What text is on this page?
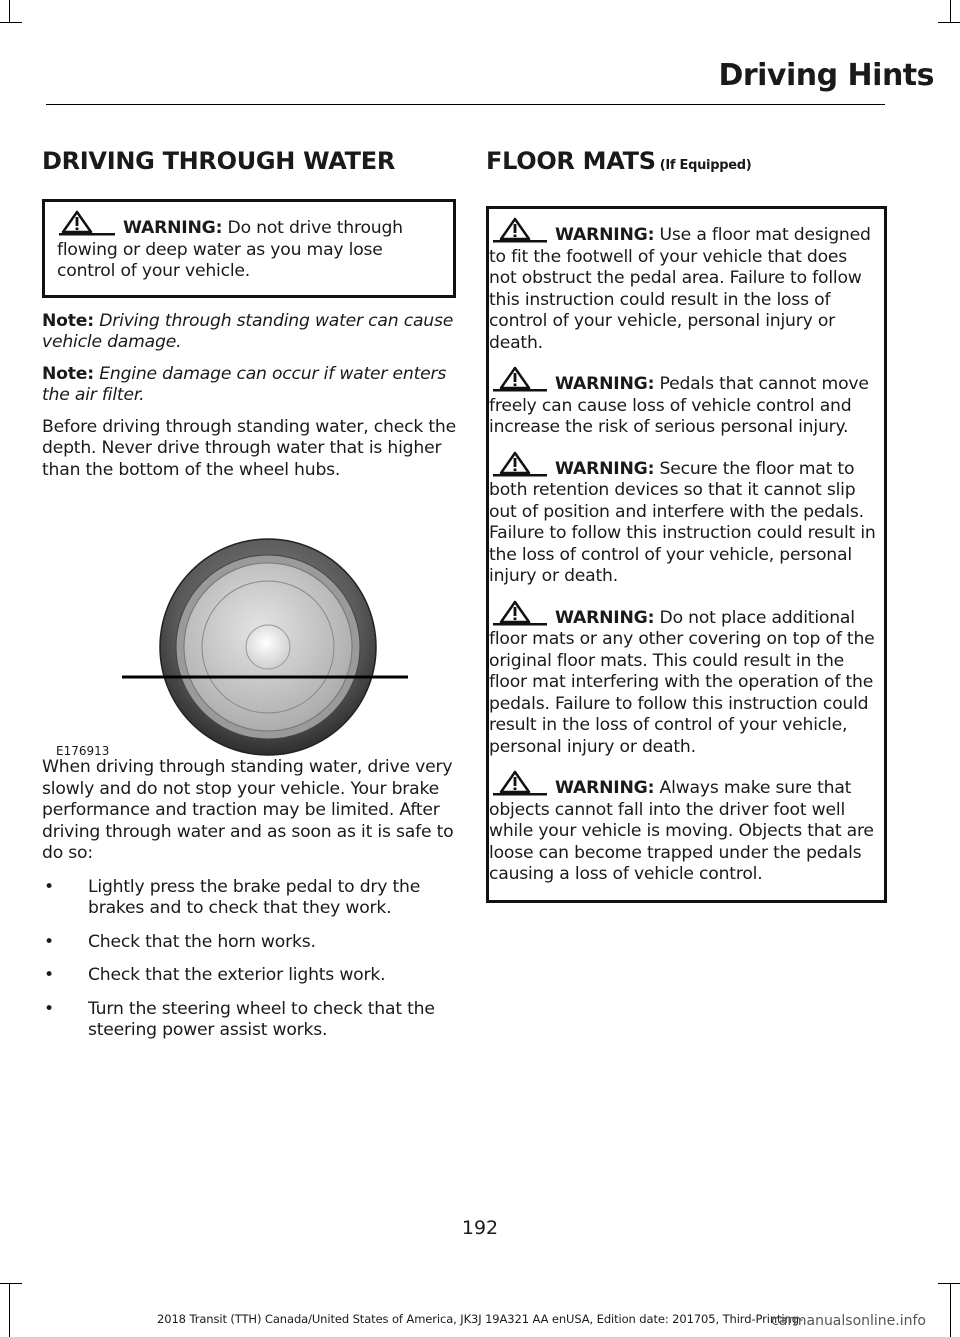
Driving Hints
DRIVING THROUGH WATER

WARNING: Do not drive through flowing or deep water as you may lose control of your vehicle.

Note: Driving through standing water can cause vehicle damage.

Note: Engine damage can occur if water enters the air filter.

Before driving through standing water, check the depth. Never drive through water that is higher than the bottom of the wheel hubs.

When driving through standing water, drive very slowly and do not stop your vehicle. Your brake performance and traction may be limited. After driving through water and as soon as it is safe to do so:

• Lightly press the brake pedal to dry the brakes and to check that they work.
• Check that the horn works.
• Check that the exterior lights work.
• Turn the steering wheel to check that the steering power assist works.
E176913
FLOOR MATS (If Equipped)

WARNING: Use a floor mat designed to fit the footwell of your vehicle that does not obstruct the pedal area. Failure to follow this instruction could result in the loss of control of your vehicle, personal injury or death.

WARNING: Pedals that cannot move freely can cause loss of vehicle control and increase the risk of serious personal injury.

WARNING: Secure the floor mat to both retention devices so that it cannot slip out of position and interfere with the pedals. Failure to follow this instruction could result in the loss of control of your vehicle, personal injury or death.

WARNING: Do not place additional floor mats or any other covering on top of the original floor mats. This could result in the floor mat interfering with the operation of the pedals. Failure to follow this instruction could result in the loss of control of your vehicle, personal injury or death.

WARNING: Always make sure that objects cannot fall into the driver foot well while your vehicle is moving. Objects that are loose can become trapped under the pedals causing a loss of vehicle control.

192
2018 Transit (TTH) Canada/United States of America, JK3J 19A321 AA enUSA, Edition date: 201705, Third-Printing-
carmanualsonline.info
